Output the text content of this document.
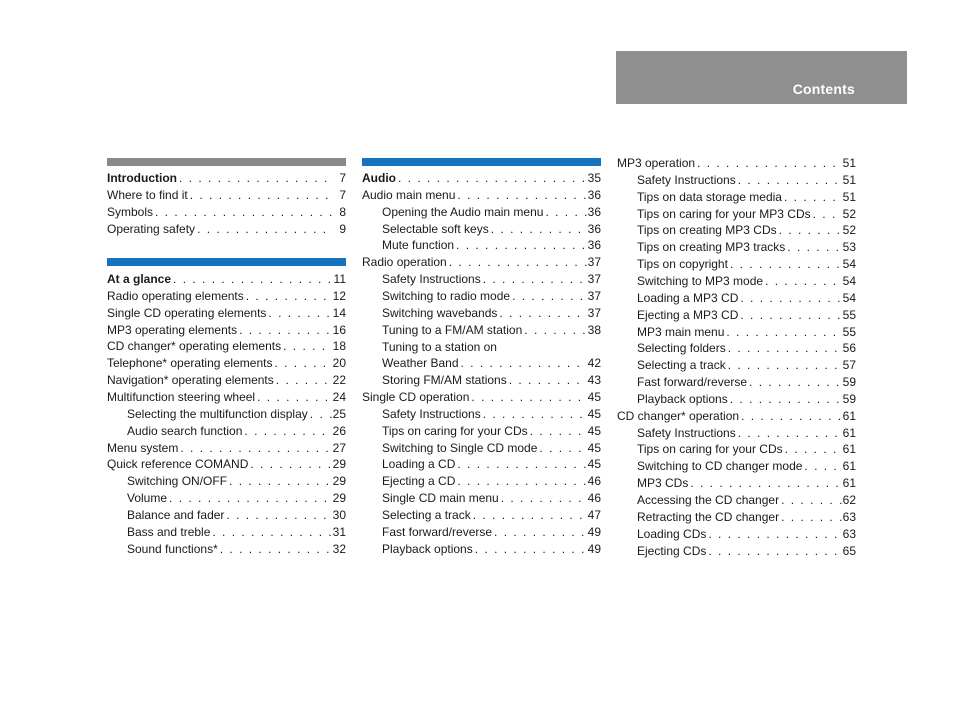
Contents
Introduction . . .	7
Where to find it . . .	7
Symbols . . .	8
Operating safety . . .	9
At a glance . . .	11
Radio operating elements . . .	12
Single CD operating elements . . .	14
MP3 operating elements . . .	16
CD changer* operating elements . . .	18
Telephone* operating elements . . .	20
Navigation* operating elements . . .	22
Multifunction steering wheel . . .	24
Selecting the multifunction display . . . 25
Audio search function . . .	26
Menu system . . .	27
Quick reference COMAND . . .	29
Switching ON/OFF . . .	29
Volume . . .	29
Balance and fader . . .	30
Bass and treble . . .	31
Sound functions* . . .	32
Audio . . .	35
Audio main menu . . .	36
Opening the Audio main menu . . .	36
Selectable soft keys . . .	36
Mute function . . .	36
Radio operation . . .	37
Safety Instructions . . .	37
Switching to radio mode . . .	37
Switching wavebands . . .	37
Tuning to a FM/AM station . . .	38
Tuning to a station on
Weather Band . . .	42
Storing FM/AM stations . . .	43
Single CD operation . . .	45
Safety Instructions . . .	45
Tips on caring for your CDs . . .	45
Switching to Single CD mode . . .	45
Loading a CD . . .	45
Ejecting a CD . . .	46
Single CD main menu . . .	46
Selecting a track . . .	47
Fast forward/reverse . . .	49
Playback options . . .	49
MP3 operation . . .	51
Safety Instructions . . .	51
Tips on data storage media . . .	51
Tips on caring for your MP3 CDs . . .	52
Tips on creating MP3 CDs . . .	52
Tips on creating MP3 tracks . . .	53
Tips on copyright . . .	54
Switching to MP3 mode . . .	54
Loading a MP3 CD . . .	54
Ejecting a MP3 CD . . .	55
MP3 main menu . . .	55
Selecting folders . . .	56
Selecting a track . . .	57
Fast forward/reverse . . .	59
Playback options . . .	59
CD changer* operation . . .	61
Safety Instructions . . .	61
Tips on caring for your CDs . . .	61
Switching to CD changer mode . . .	61
MP3 CDs . . .	61
Accessing the CD changer . . .	62
Retracting the CD changer . . .	63
Loading CDs . . .	63
Ejecting CDs . . .	65
